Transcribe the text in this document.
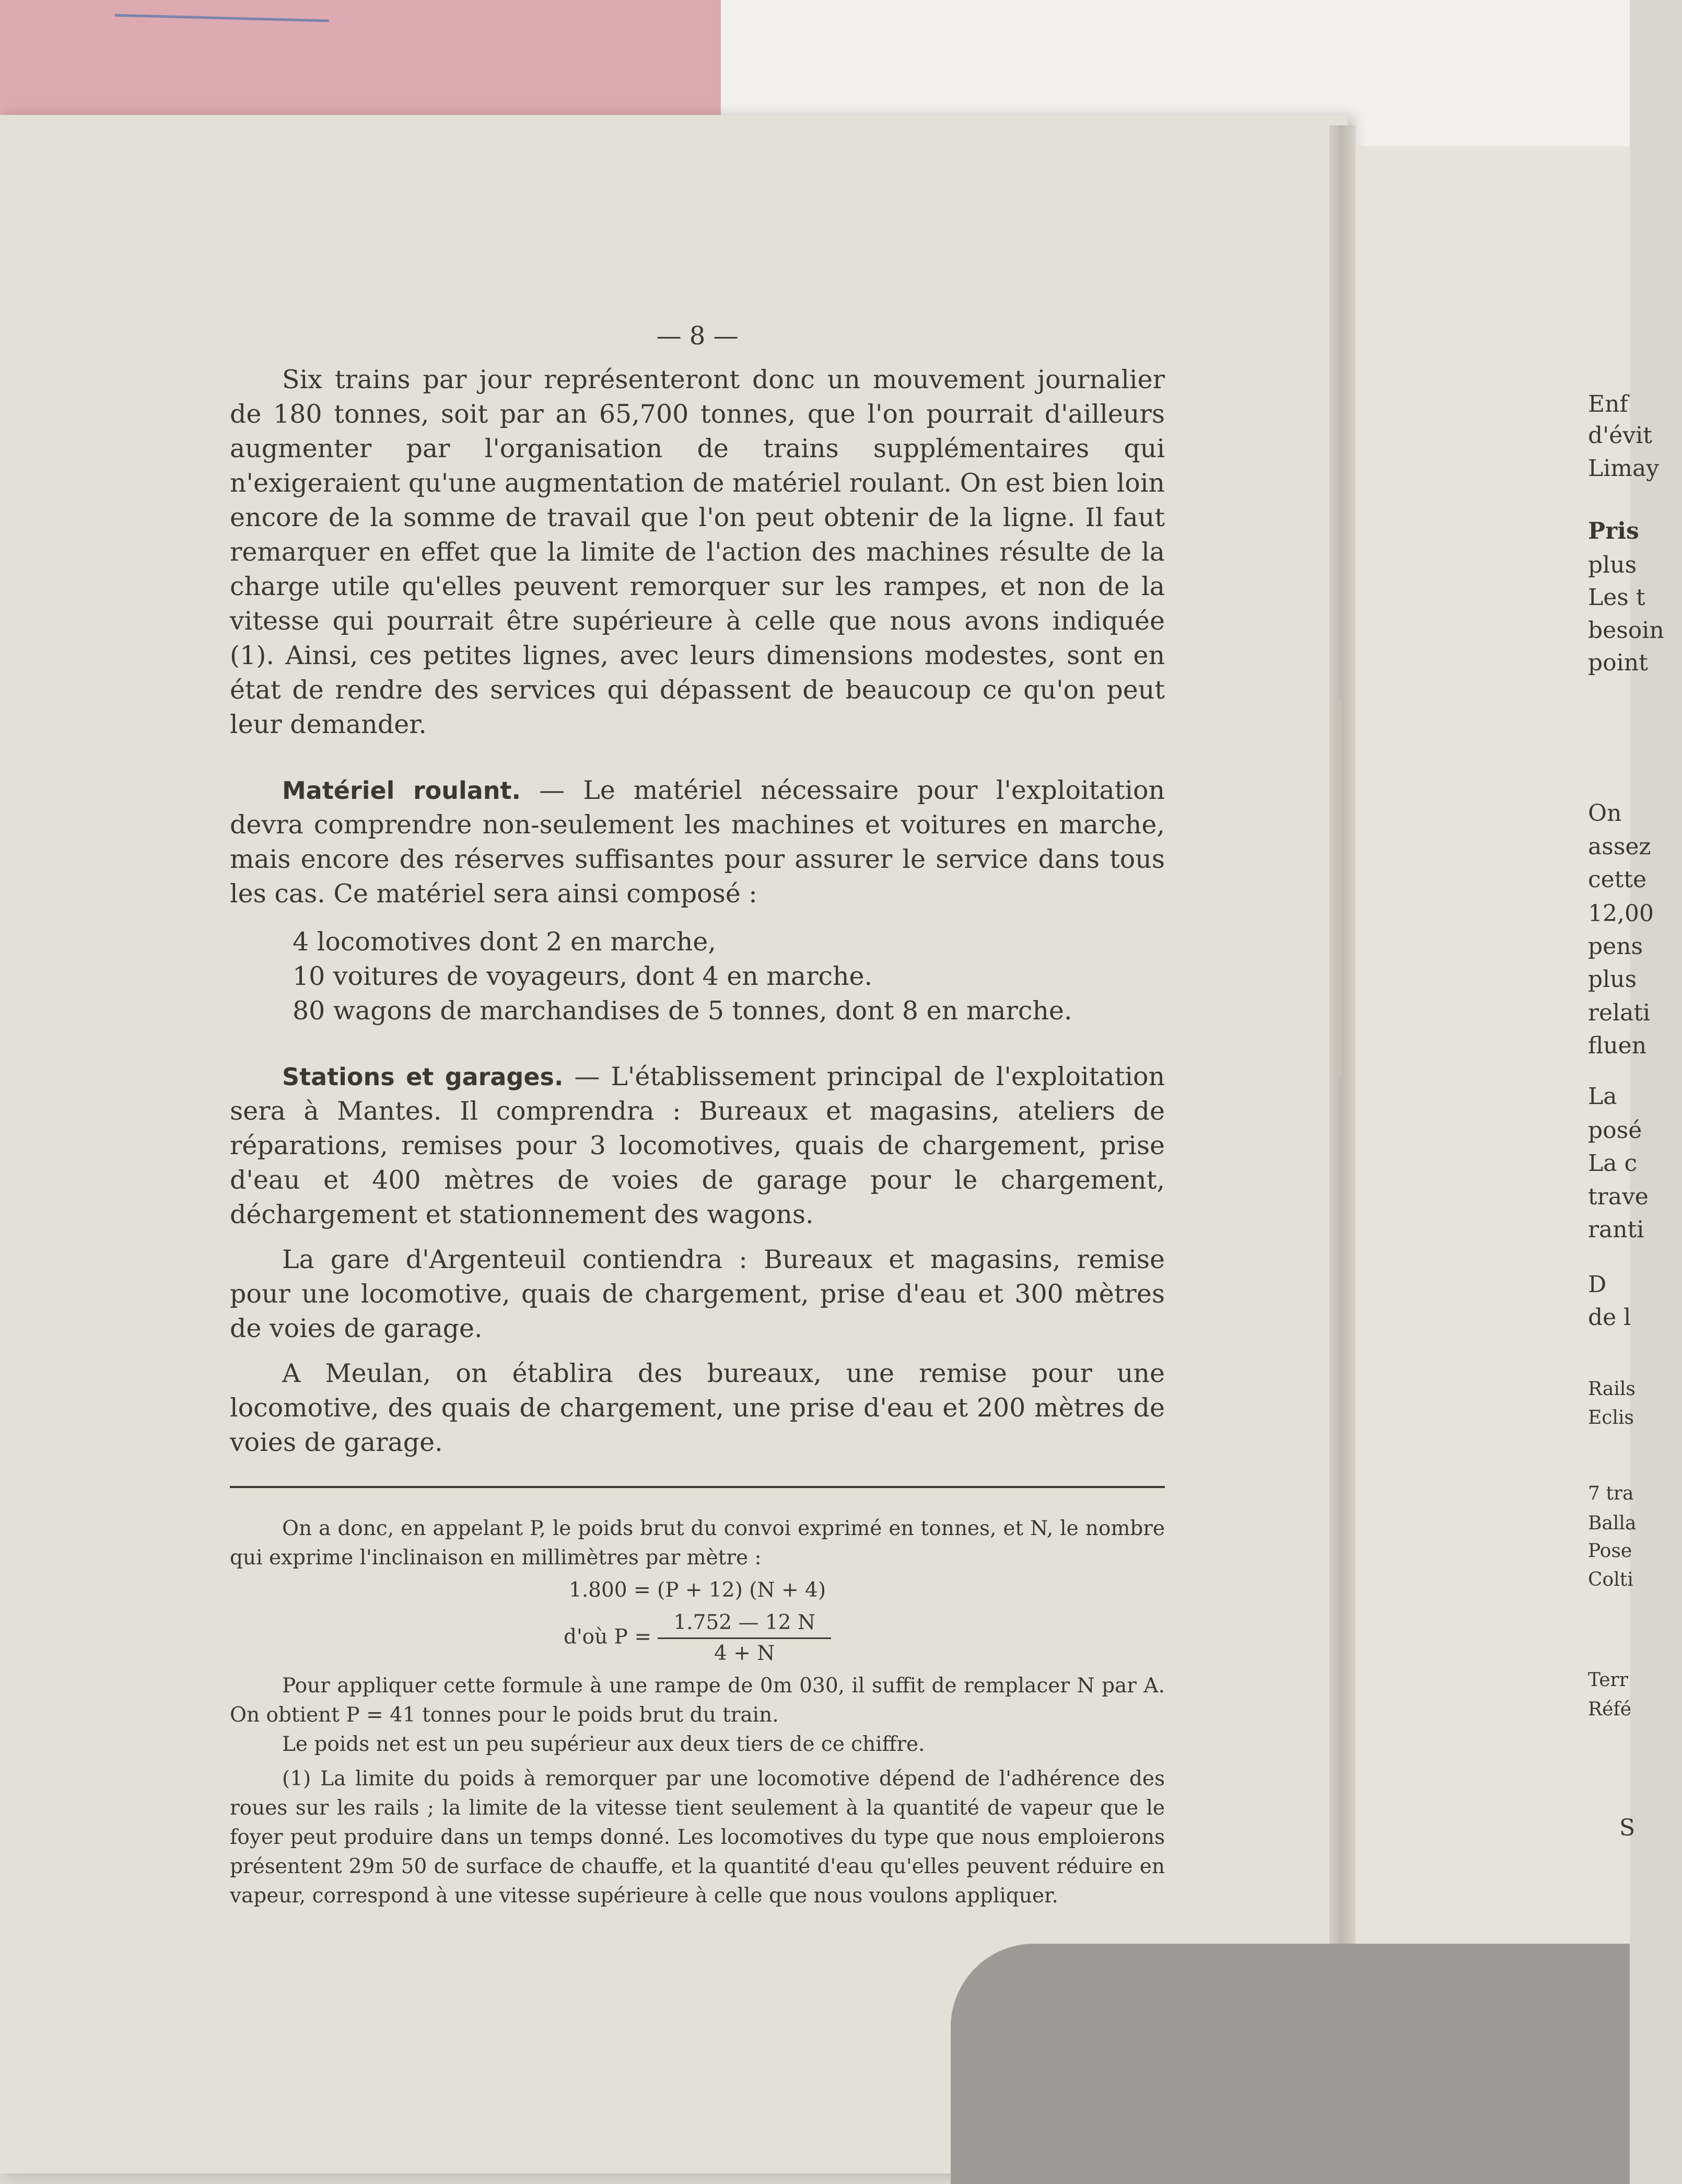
— 8 —

Six trains par jour représenteront donc un mouvement journalier de 180 tonnes, soit par an 65,700 tonnes, que l'on pourrait d'ailleurs augmenter par l'organisation de trains supplémentaires qui n'exigeraient qu'une augmentation de matériel roulant. On est bien loin encore de la somme de travail que l'on peut obtenir de la ligne. Il faut remarquer en effet que la limite de l'action des machines résulte de la charge utile qu'elles peuvent remorquer sur les rampes, et non de la vitesse qui pourrait être supérieure à celle que nous avons indiquée (1). Ainsi, ces petites lignes, avec leurs dimensions modestes, sont en état de rendre des services qui dépassent de beaucoup ce qu'on peut leur demander.

Matériel roulant. — Le matériel nécessaire pour l'exploitation devra comprendre non-seulement les machines et voitures en marche, mais encore des réserves suffisantes pour assurer le service dans tous les cas. Ce matériel sera ainsi composé :

4 locomotives dont 2 en marche,

10 voitures de voyageurs, dont 4 en marche.

80 wagons de marchandises de 5 tonnes, dont 8 en marche.

Stations et garages. — L'établissement principal de l'exploitation sera à Mantes. Il comprendra : Bureaux et magasins, ateliers de réparations, remises pour 3 locomotives, quais de chargement, prise d'eau et 400 mètres de voies de garage pour le chargement, déchargement et stationnement des wagons.

La gare d'Argenteuil contiendra : Bureaux et magasins, remise pour une locomotive, quais de chargement, prise d'eau et 300 mètres de voies de garage.

A Meulan, on établira des bureaux, une remise pour une locomotive, des quais de chargement, une prise d'eau et 200 mètres de voies de garage.

On a donc, en appelant P, le poids brut du convoi exprimé en tonnes, et N, le nombre qui exprime l'inclinaison en millimètres par mètre :

1.800 = (P + 12) (N + 4)
d'où $P = \frac{1.752 — 12 N}{4 + N}$

Pour appliquer cette formule à une rampe de 0m 030, il suffit de remplacer N par A. On obtient P = 41 tonnes pour le poids brut du train.

Le poids net est un peu supérieur aux deux tiers de ce chiffre.

(1) La limite du poids à remorquer par une locomotive dépend de l'adhérence des roues sur les rails ; la limite de la vitesse tient seulement à la quantité de vapeur que le foyer peut produire dans un temps donné. Les locomotives du type que nous emploierons présentent 29m 50 de surface de chauffe, et la quantité d'eau qu'elles peuvent réduire en vapeur, correspond à une vitesse supérieure à celle que nous voulons appliquer.

Enf
d'évit
Limay
Pris
plus
Les t
besoin
point
On
assez
cette
12,00
pens
plus
relati
fluen
La
posé
La c
trave
ranti
D
de l
Rails
Eclis
7 tra
Balla
Pose
Colti
Terr
Réfé
S
